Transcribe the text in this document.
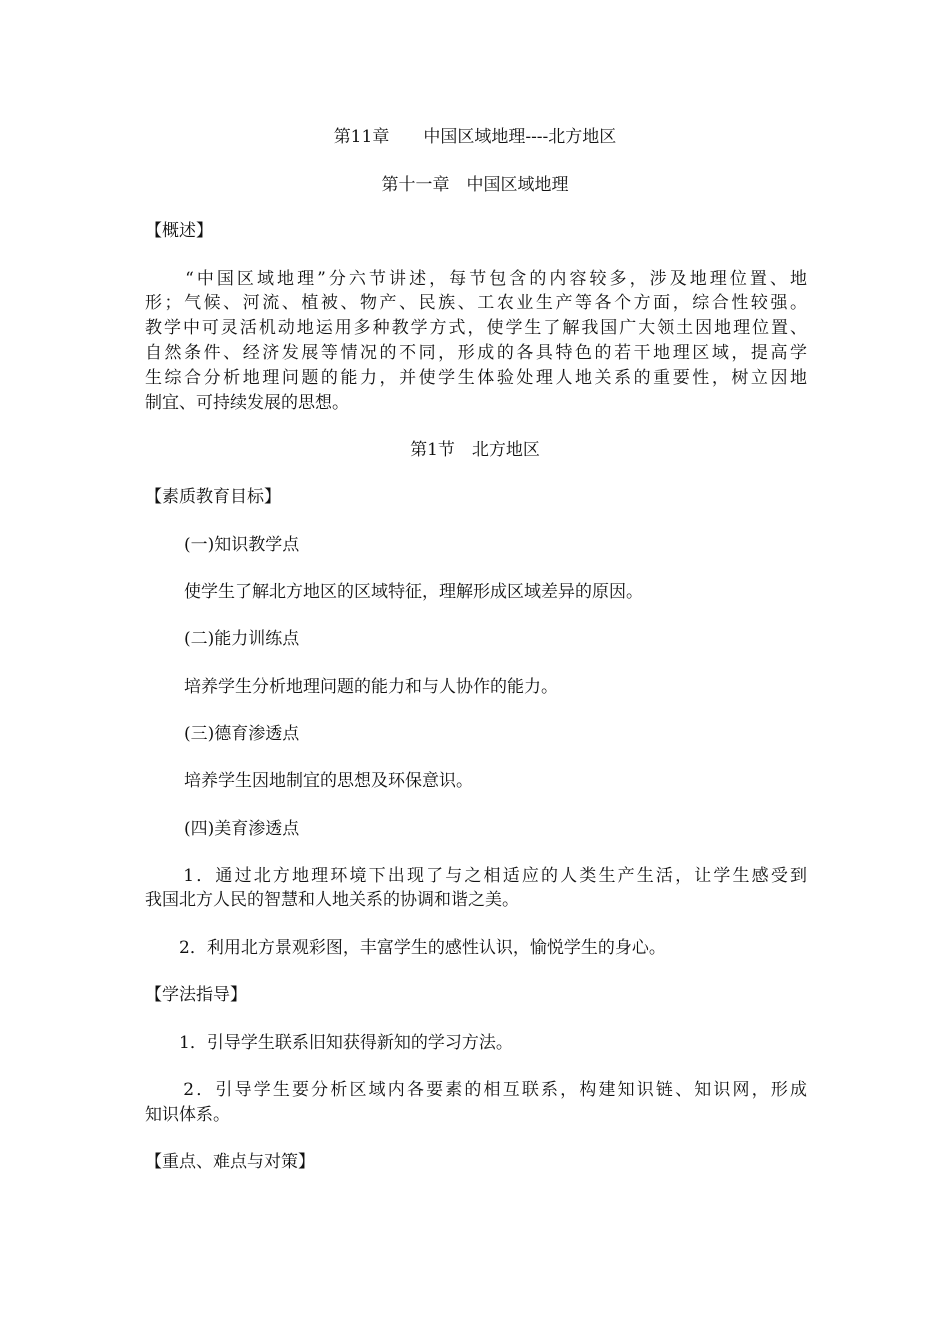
第11章　　中国区域地理----北方地区
第十一章　中国区域地理
【概述】
　　“中国区域地理”分六节讲述，每节包含的内容较多，涉及地理位置、地
形；气候、河流、植被、物产、民族、工农业生产等各个方面，综合性较强。
教学中可灵活机动地运用多种教学方式，使学生了解我国广大领土因地理位置、
自然条件、经济发展等情况的不同，形成的各具特色的若干地理区域，提高学
生综合分析地理问题的能力，并使学生体验处理人地关系的重要性，树立因地
制宜、可持续发展的思想。
第1节　北方地区
【素质教育目标】
(一)知识教学点
使学生了解北方地区的区域特征，理解形成区域差异的原因。
(二)能力训练点
培养学生分析地理问题的能力和与人协作的能力。
(三)德育渗透点
培养学生因地制宜的思想及环保意识。
(四)美育渗透点
　　1．通过北方地理环境下出现了与之相适应的人类生产生活，让学生感受到
我国北方人民的智慧和人地关系的协调和谐之美。
　　2．利用北方景观彩图，丰富学生的感性认识，愉悦学生的身心。
【学法指导】
　　1．引导学生联系旧知获得新知的学习方法。
　　2．引导学生要分析区域内各要素的相互联系，构建知识链、知识网，形成
知识体系。
【重点、难点与对策】
